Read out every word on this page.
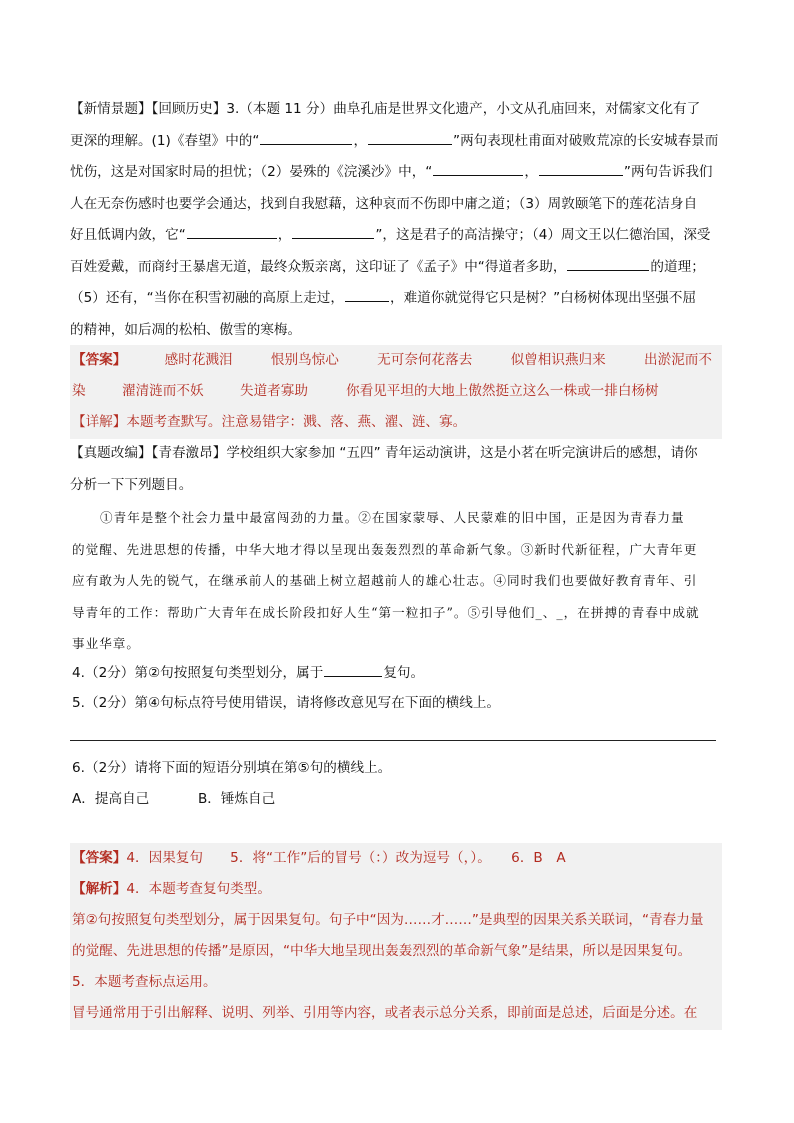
【新情景题】【回顾历史】3.（本题 11 分）曲阜孔庙是世界文化遗产，小文从孔庙回来，对儒家文化有了
更深的理解。(1)《春望》中的“	，	”两句表现杜甫面对破败荒凉的长安城春景而
忧伤，这是对国家时局的担忧；（2）晏殊的《浣溪沙》中，“	，	”两句告诉我们
人在无奈伤感时也要学会通达，找到自我慰藉，这种哀而不伤即中庸之道；（3）周敦颐笔下的莲花洁身自
好且低调内敛，它“	，	”，这是君子的高洁操守；（4）周文王以仁德治国，深受
百姓爱戴，而商纣王暴虐无道，最终众叛亲离，这印证了《孟子》中“得道者多助，	的道理；
（5）还有，“当你在积雪初融的高原上走过，	，难道你就觉得它只是树？”白杨树体现出坚强不屈
的精神，如后凋的松柏、傲雪的寒梅。
【答案】	感时花溅泪	恨别鸟惊心	无可奈何花落去	似曾相识燕归来	出淤泥而不
染	濯清涟而不妖	失道者寡助	你看见平坦的大地上傲然挺立这么一株或一排白杨树
【详解】本题考查默写。注意易错字：溅、落、燕、濯、涟、寡。
【真题改编】【青春激昂】学校组织大家参加 “五四” 青年运动演讲，这是小茗在听完演讲后的感想，请你
分析一下下列题目。

①青年是整个社会力量中最富闯劲的力量。②在国家蒙辱、人民蒙难的旧中国，正是因为青春力量

的觉醒、先进思想的传播，中华大地才得以呈现出轰轰烈烈的革命新气象。③新时代新征程，广大青年更

应有敢为人先的锐气，在继承前人的基础上树立超越前人的雄心壮志。④同时我们也要做好教育青年、引

导青年的工作：帮助广大青年在成长阶段扣好人生“第一粒扣子”。⑤引导他们_、_，在拼搏的青春中成就

事业华章。

4.（2分）第②句按照复句类型划分，属于	复句。
5.（2分）第④句标点符号使用错误，请将修改意见写在下面的横线上。
6.（2分）请将下面的短语分别填在第⑤句的横线上。
A．提高自己	B．锤炼自己
【答案】4．因果复句　　5．将“工作”后的冒号（：）改为逗号（，）。　　6．B　A
【解析】4．本题考查复句类型。
第②句按照复句类型划分，属于因果复句。句子中“因为……才……”是典型的因果关系关联词，“青春力量
的觉醒、先进思想的传播”是原因，“中华大地呈现出轰轰烈烈的革命新气象”是结果，所以是因果复句。
5．本题考查标点运用。
冒号通常用于引出解释、说明、列举、引用等内容，或者表示总分关系，即前面是总述，后面是分述。在
